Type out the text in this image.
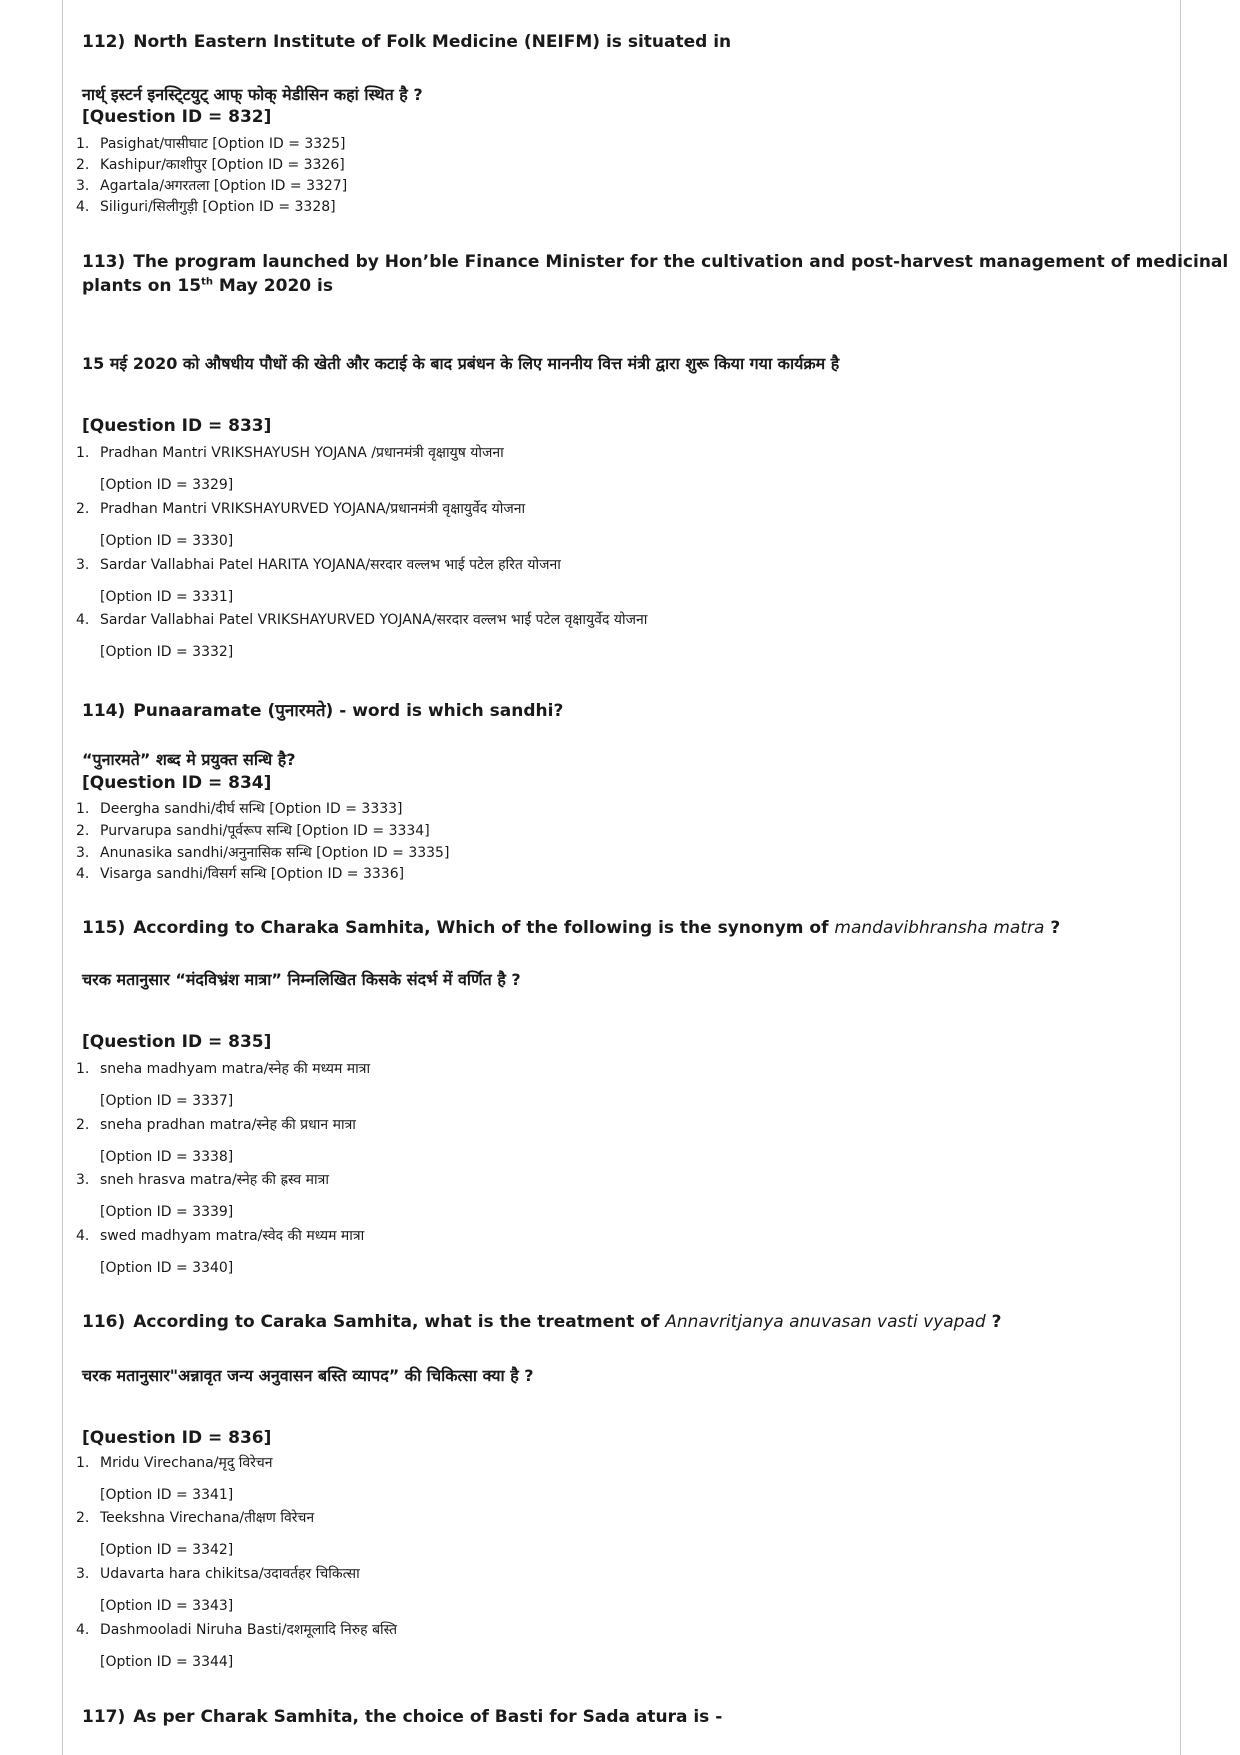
112) North Eastern Institute of Folk Medicine (NEIFM) is situated in
नार्थ् इस्टर्न इनस्टि्टयुट् आफ् फोक् मेडीसिन कहां स्थित है ?
[Question ID = 832]
1. Pasighat/पासीघाट [Option ID = 3325]
2. Kashipur/काशीपुर [Option ID = 3326]
3. Agartala/अगरतला [Option ID = 3327]
4. Siliguri/सिलीगुड़ी [Option ID = 3328]
113) The program launched by Hon’ble Finance Minister for the cultivation and post-harvest management of medicinal
plants on 15th May 2020 is
15 मई 2020 को औषधीय पौधों की खेती और कटाई के बाद प्रबंधन के लिए माननीय वित्त मंत्री द्वारा शुरू किया गया कार्यक्रम है
[Question ID = 833]
1. Pradhan Mantri VRIKSHAYUSH YOJANA /प्रधानमंत्री वृक्षायुष योजना
[Option ID = 3329]
2. Pradhan Mantri VRIKSHAYURVED YOJANA/प्रधानमंत्री वृक्षायुर्वेद योजना
[Option ID = 3330]
3. Sardar Vallabhai Patel HARITA YOJANA/सरदार वल्लभ भाई पटेल हरित योजना
[Option ID = 3331]
4. Sardar Vallabhai Patel VRIKSHAYURVED YOJANA/सरदार वल्लभ भाई पटेल वृक्षायुर्वेद योजना
[Option ID = 3332]
114) Punaaramate (पुनारमते) - word is which sandhi?
“पुनारमते” शब्द मे प्रयुक्त सन्धि है?
[Question ID = 834]
1. Deergha sandhi/दीर्घ सन्धि [Option ID = 3333]
2. Purvarupa sandhi/पूर्वरूप सन्धि [Option ID = 3334]
3. Anunasika sandhi/अनुनासिक सन्धि [Option ID = 3335]
4. Visarga sandhi/विसर्ग सन्धि [Option ID = 3336]
115) According to Charaka Samhita, Which of the following is the synonym of mandavibhransha matra ?
चरक मतानुसार “मंदविभ्रंश मात्रा” निम्नलिखित किसके संदर्भ में वर्णित है ?
[Question ID = 835]
1. sneha madhyam matra/स्नेह की मध्यम मात्रा
[Option ID = 3337]
2. sneha pradhan matra/स्नेह की प्रधान मात्रा
[Option ID = 3338]
3. sneh hrasva matra/स्नेह की ह्रस्व मात्रा
[Option ID = 3339]
4. swed madhyam matra/स्वेद की मध्यम मात्रा
[Option ID = 3340]
116) According to Caraka Samhita, what is the treatment of Annavritjanya anuvasan vasti vyapad ?
चरक मतानुसार"अन्नावृत जन्य अनुवासन बस्ति व्यापद” की चिकित्सा क्या है ?
[Question ID = 836]
1. Mridu Virechana/मृदु विरेचन
[Option ID = 3341]
2. Teekshna Virechana/तीक्षण विरेचन
[Option ID = 3342]
3. Udavarta hara chikitsa/उदावर्तहर चिकित्सा
[Option ID = 3343]
4. Dashmooladi Niruha Basti/दशमूलादि निरुह बस्ति
[Option ID = 3344]
117) As per Charak Samhita, the choice of Basti for Sada atura is -
